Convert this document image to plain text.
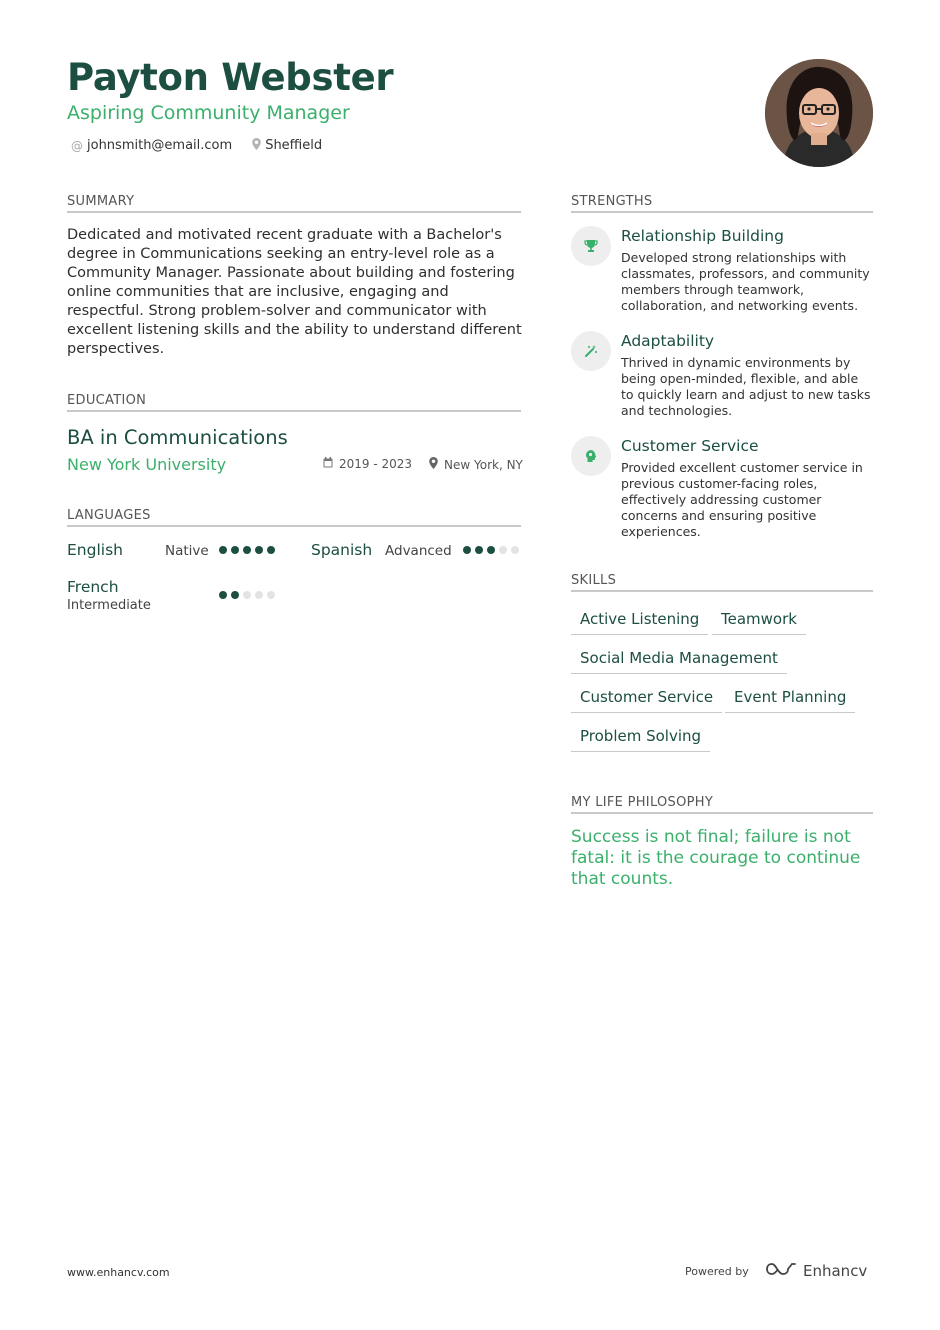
Payton Webster
Aspiring Community Manager
@ johnsmith@email.com	Sheffield
SUMMARY
Dedicated and motivated recent graduate with a Bachelor's degree in Communications seeking an entry-level role as a Community Manager. Passionate about building and fostering online communities that are inclusive, engaging and respectful. Strong problem-solver and communicator with excellent listening skills and the ability to understand different perspectives.
EDUCATION
BA in Communications
New York University	2019 - 2023	New York, NY
LANGUAGES
English	Native	Spanish Advanced
French
Intermediate
STRENGTHS
Relationship Building
Developed strong relationships with classmates, professors, and community members through teamwork, collaboration, and networking events.
Adaptability
Thrived in dynamic environments by being open-minded, flexible, and able to quickly learn and adjust to new tasks and technologies.
Customer Service
Provided excellent customer service in previous customer-facing roles, effectively addressing customer concerns and ensuring positive experiences.
SKILLS
Active Listening	Teamwork
Social Media Management
Customer Service	Event Planning
Problem Solving
MY LIFE PHILOSOPHY
Success is not final; failure is not fatal: it is the courage to continue that counts.
www.enhancv.com	Powered by	Enhancv
